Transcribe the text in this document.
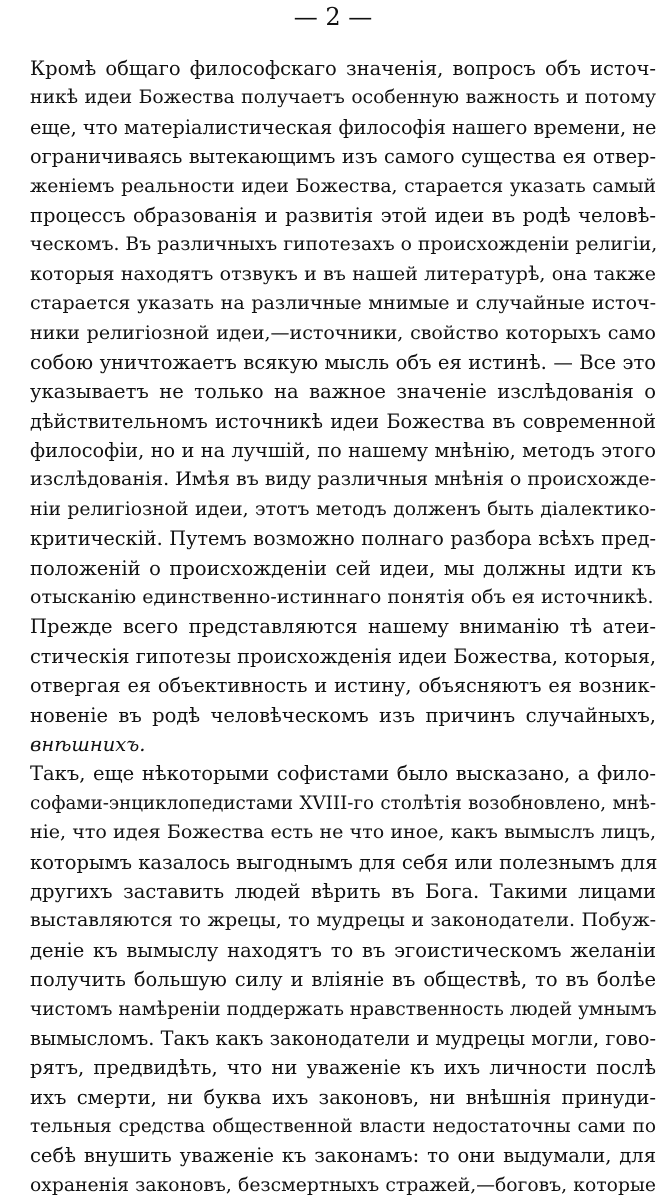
— 2 —
Кромѣ общаго философскаго значенія, вопросъ объ источ-
никѣ идеи Божества получаетъ особенную важность и потому
еще, что матеріалистическая философія нашего времени, не
ограничиваясь вытекающимъ изъ самого существа ея отвер-
женіемъ реальности идеи Божества, старается указать самый
процессъ образованія и развитія этой идеи въ родѣ человѣ-
ческомъ. Въ различныхъ гипотезахъ о происхожденіи религіи,
которыя находятъ отзвукъ и въ нашей литературѣ, она также
старается указать на различные мнимые и случайные источ-
ники религіозной идеи,—источники, свойство которыхъ само
собою уничтожаетъ всякую мысль объ ея истинѣ. — Все это
указываетъ не только на важное значеніе изслѣдованія о
дѣйствительномъ источникѣ идеи Божества въ современной
философіи, но и на лучшій, по нашему мнѣнію, методъ этого
изслѣдованія. Имѣя въ виду различныя мнѣнія о происхожде-
ніи религіозной идеи, этотъ методъ долженъ быть діалектико-
критическій. Путемъ возможно полнаго разбора всѣхъ пред-
положеній о происхожденіи сей идеи, мы должны идти къ
отысканію единственно-истиннаго понятія объ ея источникѣ.
Прежде всего представляются нашему вниманію тѣ атеи-
стическія гипотезы происхожденія идеи Божества, которыя,
отвергая ея объективность и истину, объясняютъ ея возник-
новеніе въ родѣ человѣческомъ изъ причинъ случайныхъ,
внѣшнихъ.
Такъ, еще нѣкоторыми софистами было высказано, а фило-
софами-энциклопедистами XVIII-го столѣтія возобновлено, мнѣ-
ніе, что идея Божества есть не что иное, какъ вымыслъ лицъ,
которымъ казалось выгоднымъ для себя или полезнымъ для
другихъ заставить людей вѣрить въ Бога. Такими лицами
выставляются то жрецы, то мудрецы и законодатели. Побуж-
деніе къ вымыслу находятъ то въ эгоистическомъ желаніи
получить большую силу и вліяніе въ обществѣ, то въ болѣе
чистомъ намѣреніи поддержать нравственность людей умнымъ
вымысломъ. Такъ какъ законодатели и мудрецы могли, гово-
рятъ, предвидѣть, что ни уваженіе къ ихъ личности послѣ
ихъ смерти, ни буква ихъ законовъ, ни внѣшнія принуди-
тельныя средства общественной власти недостаточны сами по
себѣ внушить уваженіе къ законамъ: то они выдумали, для
охраненія законовъ, безсмертныхъ стражей,—боговъ, которые
